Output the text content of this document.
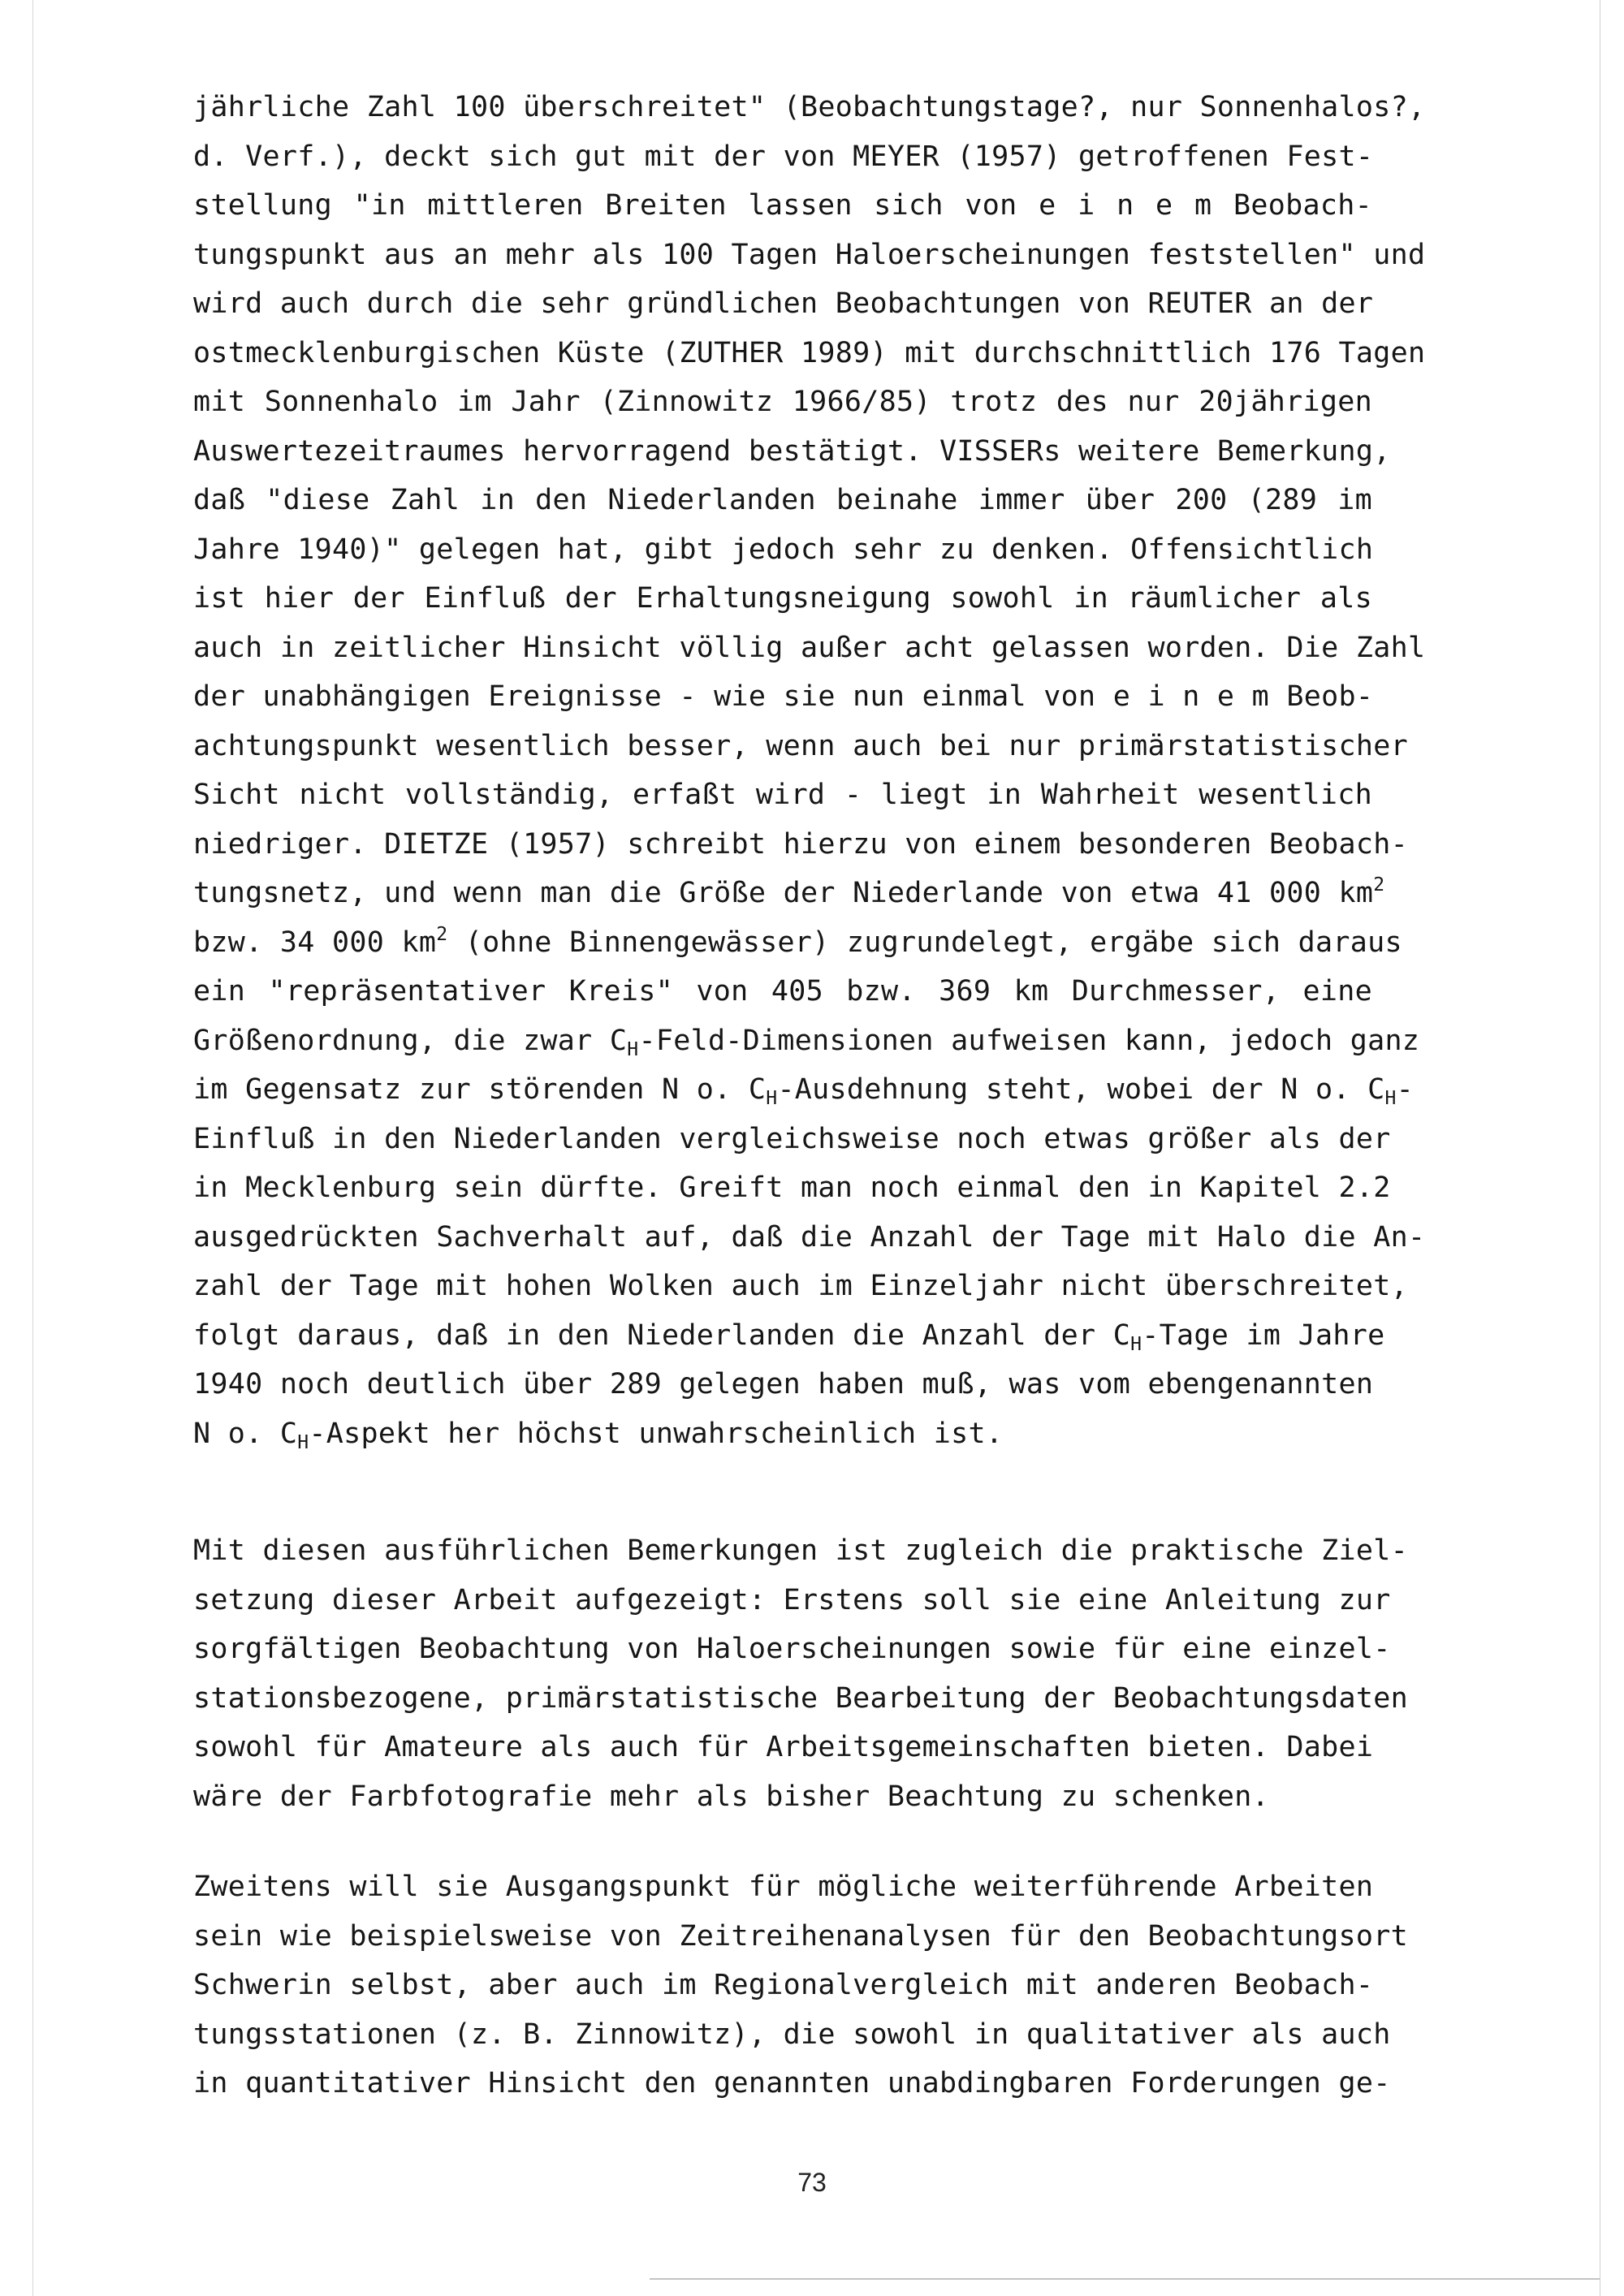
jährliche Zahl 100 überschreitet" (Beobachtungstage?, nur Sonnenhalos?,
d. Verf.), deckt sich gut mit der von MEYER (1957) getroffenen Fest-
stellung "in mittleren Breiten lassen sich von e i n e m Beobach-
tungspunkt aus an mehr als 100 Tagen Haloerscheinungen feststellen" und
wird auch durch die sehr gründlichen Beobachtungen von REUTER an der
ostmecklenburgischen Küste (ZUTHER 1989) mit durchschnittlich 176 Tagen
mit Sonnenhalo im Jahr (Zinnowitz 1966/85) trotz des nur 20jährigen
Auswertezeitraumes hervorragend bestätigt. VISSERs weitere Bemerkung,
daß "diese Zahl in den Niederlanden beinahe immer über 200 (289 im
Jahre 1940)" gelegen hat, gibt jedoch sehr zu denken. Offensichtlich
ist hier der Einfluß der Erhaltungsneigung sowohl in räumlicher als
auch in zeitlicher Hinsicht völlig außer acht gelassen worden. Die Zahl
der unabhängigen Ereignisse - wie sie nun einmal von e i n e m Beob-
achtungspunkt wesentlich besser, wenn auch bei nur primärstatistischer
Sicht nicht vollständig, erfaßt wird - liegt in Wahrheit wesentlich
niedriger. DIETZE (1957) schreibt hierzu von einem besonderen Beobach-
tungsnetz, und wenn man die Größe der Niederlande von etwa 41 000 $km^2$
bzw. 34 000 $km^2$ (ohne Binnengewässer) zugrundelegt, ergäbe sich daraus
ein "repräsentativer Kreis" von 405 bzw. 369 km Durchmesser, eine
Größenordnung, die zwar $C_H-Feld$-Dimensionen aufweisen kann, jedoch ganz
im Gegensatz zur störenden N o. $C_H$-Ausdehnung steht, wobei der N o. $C_H-$
Einfluß in den Niederlanden vergleichsweise noch etwas größer als der
in Mecklenburg sein dürfte. Greift man noch einmal den in Kapitel 2.2
ausgedrückten Sachverhalt auf, daß die Anzahl der Tage mit Halo die An-
zahl der Tage mit hohen Wolken auch im Einzeljahr nicht überschreitet,
folgt daraus, daß in den Niederlanden die Anzahl der $C_H$-Tage im Jahre
1940 noch deutlich über 289 gelegen haben muß, was vom ebengenannten
N o. $C_H$-Aspekt her höchst unwahrscheinlich ist.
Mit diesen ausführlichen Bemerkungen ist zugleich die praktische Ziel-
setzung dieser Arbeit aufgezeigt: Erstens soll sie eine Anleitung zur
sorgfältigen Beobachtung von Haloerscheinungen sowie für eine einzel-
stationsbezogene, primärstatistische Bearbeitung der Beobachtungsdaten
sowohl für Amateure als auch für Arbeitsgemeinschaften bieten. Dabei
wäre der Farbfotografie mehr als bisher Beachtung zu schenken.
Zweitens will sie Ausgangspunkt für mögliche weiterführende Arbeiten
sein wie beispielsweise von Zeitreihenanalysen für den Beobachtungsort
Schwerin selbst, aber auch im Regionalvergleich mit anderen Beobach-
tungsstationen (z. B. Zinnowitz), die sowohl in qualitativer als auch
in quantitativer Hinsicht den genannten unabdingbaren Forderungen ge-
73
